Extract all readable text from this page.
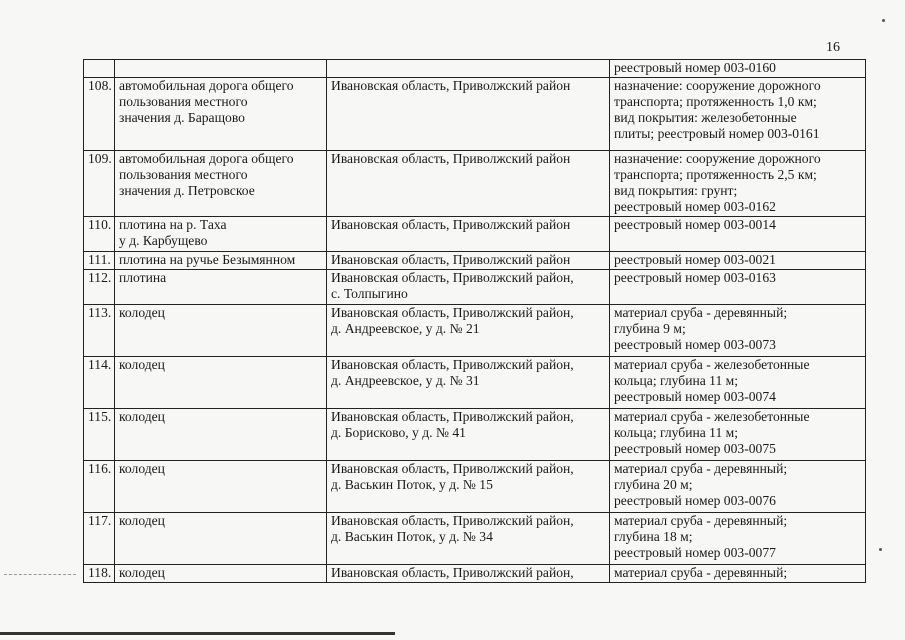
16
			реестровый номер 003-0160
108.	автомобильная дорога общего
пользования местного
значения д. Баращово	Ивановская область, Приволжский район	назначение: сооружение дорожного
транспорта; протяженность 1,0 км;
вид покрытия: железобетонные
плиты; реестровый номер 003-0161
109.	автомобильная дорога общего
пользования местного
значения д. Петровское	Ивановская область, Приволжский район	назначение: сооружение дорожного
транспорта; протяженность 2,5 км;
вид покрытия: грунт;
реестровый номер 003-0162
110.	плотина на р. Таха
у д. Карбущево	Ивановская область, Приволжский район	реестровый номер 003-0014
111.	плотина на ручье Безымянном	Ивановская область, Приволжский район	реестровый номер 003-0021
112.	плотина	Ивановская область, Приволжский район,
с. Толпыгино	реестровый номер 003-0163
113.	колодец	Ивановская область, Приволжский район,
д. Андреевское, у д. № 21	материал сруба - деревянный;
глубина 9 м;
реестровый номер 003-0073
114.	колодец	Ивановская область, Приволжский район,
д. Андреевское, у д. № 31	материал сруба - железобетонные
кольца; глубина 11 м;
реестровый номер 003-0074
115.	колодец	Ивановская область, Приволжский район,
д. Борисково, у д. № 41	материал сруба - железобетонные
кольца; глубина 11 м;
реестровый номер 003-0075
116.	колодец	Ивановская область, Приволжский район,
д. Васькин Поток, у д. № 15	материал сруба - деревянный;
глубина 20 м;
реестровый номер 003-0076
117.	колодец	Ивановская область, Приволжский район,
д. Васькин Поток, у д. № 34	материал сруба - деревянный;
глубина 18 м;
реестровый номер 003-0077
118.	колодец	Ивановская область, Приволжский район,	материал сруба - деревянный;
